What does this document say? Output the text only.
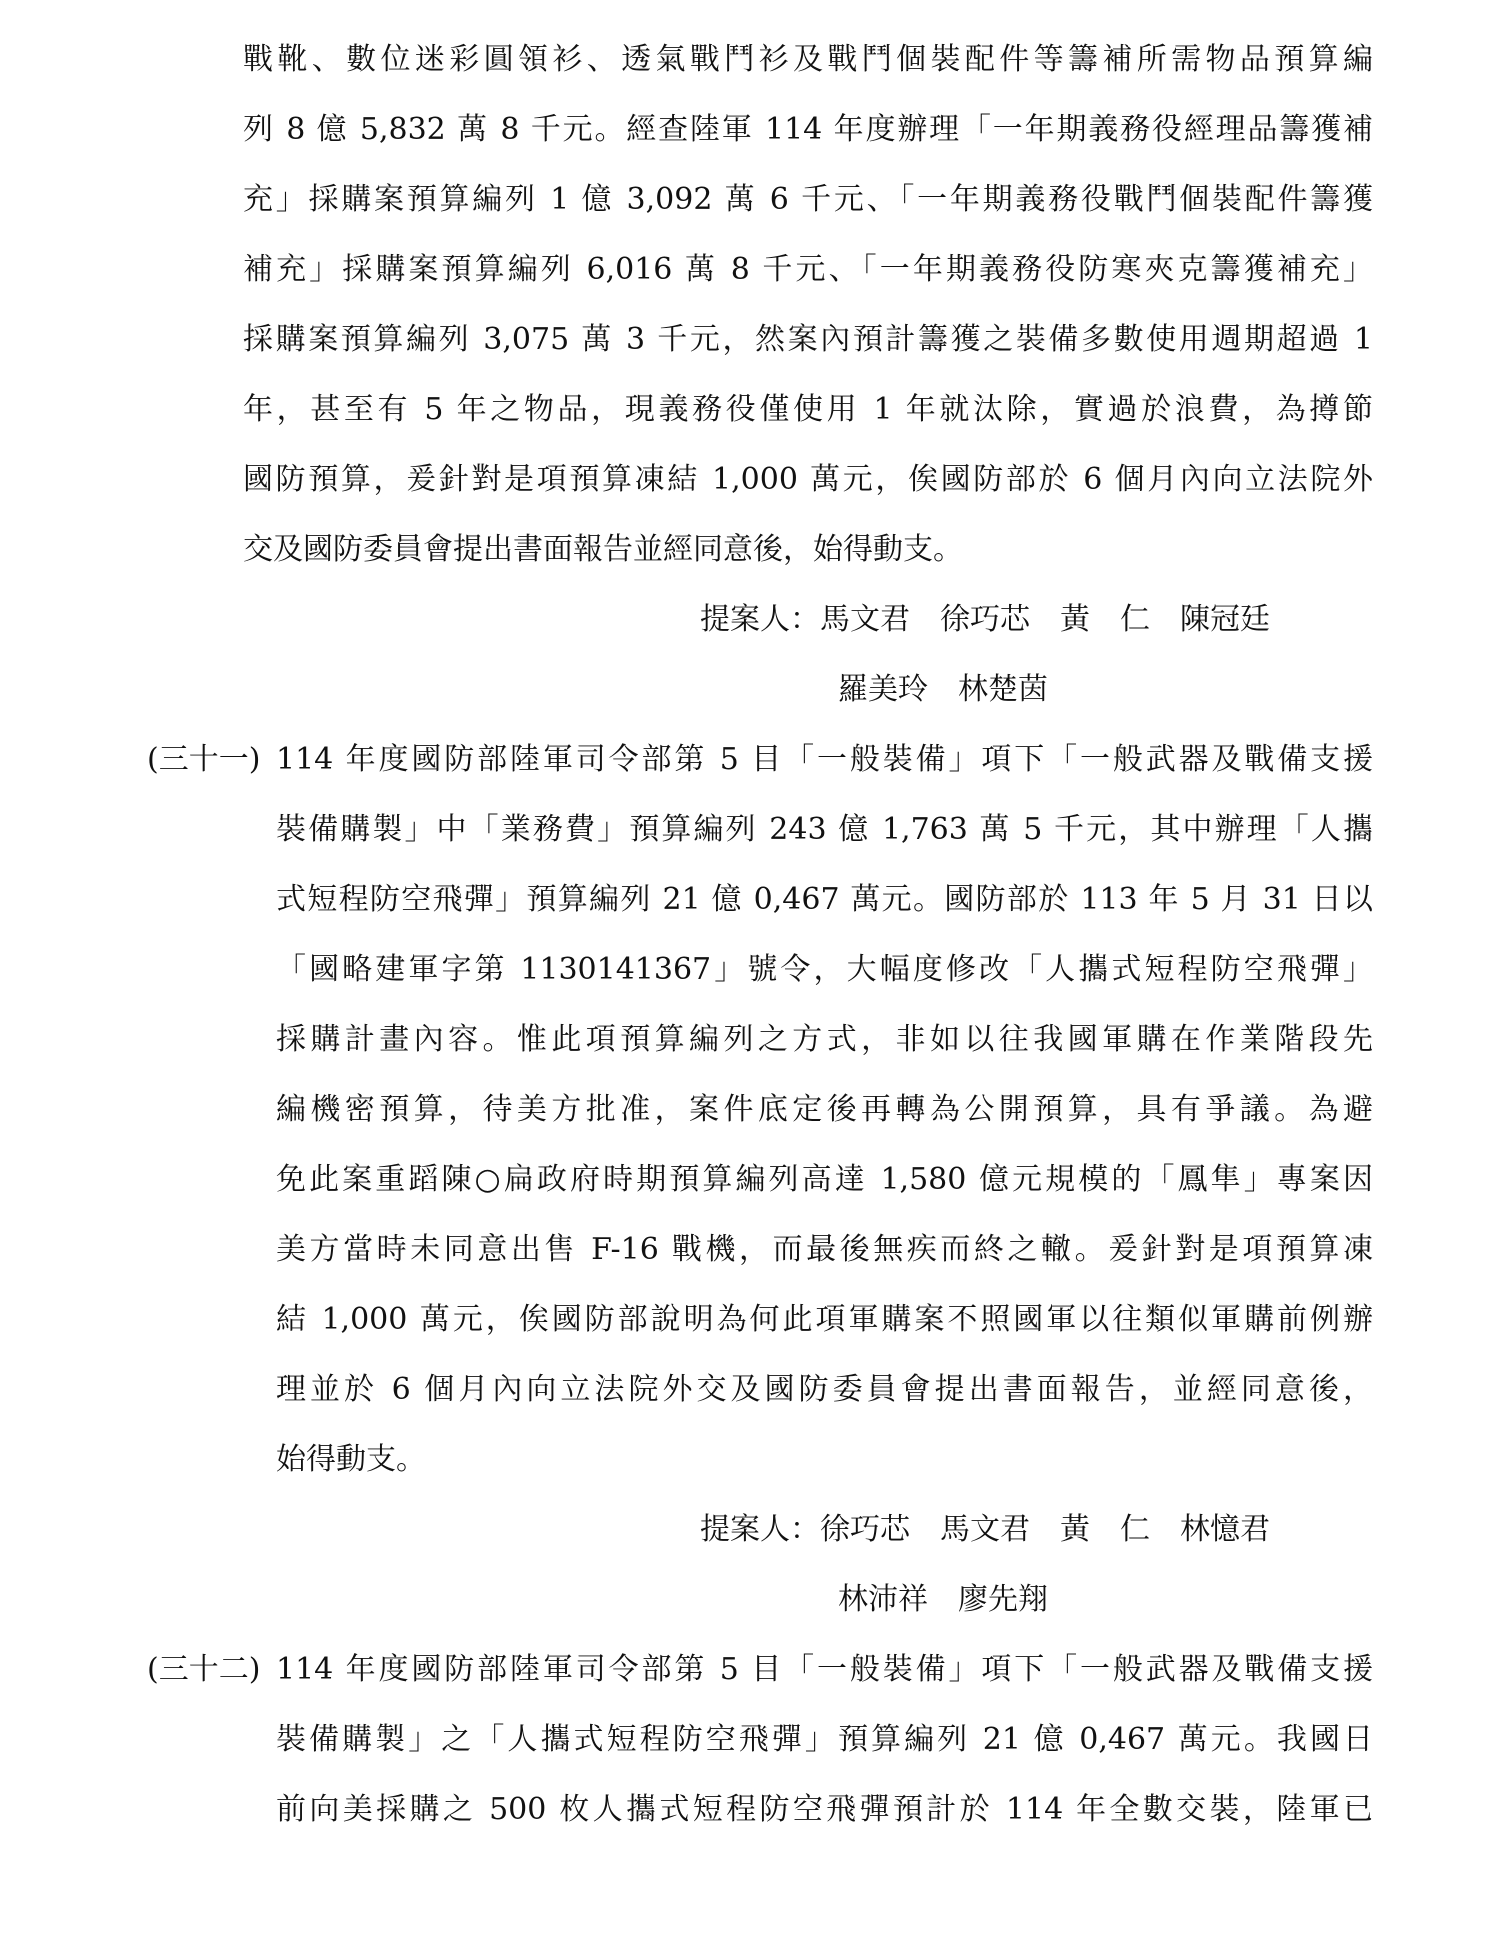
戰靴、數位迷彩圓領衫、透氣戰鬥衫及戰鬥個裝配件等籌補所需物品預算編
列 8 億 5,832 萬 8 千元。經查陸軍 114 年度辦理「一年期義務役經理品籌獲補
充」採購案預算編列 1 億 3,092 萬 6 千元、「一年期義務役戰鬥個裝配件籌獲
補充」採購案預算編列 6,016 萬 8 千元、「一年期義務役防寒夾克籌獲補充」
採購案預算編列 3,075 萬 3 千元，然案內預計籌獲之裝備多數使用週期超過 1
年，甚至有 5 年之物品，現義務役僅使用 1 年就汰除，實過於浪費，為撙節
國防預算，爰針對是項預算凍結 1,000 萬元，俟國防部於 6 個月內向立法院外
交及國防委員會提出書面報告並經同意後，始得動支。
提案人：馬文君　徐巧芯　黃　仁　陳冠廷
羅美玲　林楚茵
(三十一) 114 年度國防部陸軍司令部第 5 目「一般裝備」項下「一般武器及戰備支援
裝備購製」中「業務費」預算編列 243 億 1,763 萬 5 千元，其中辦理「人攜
式短程防空飛彈」預算編列 21 億 0,467 萬元。國防部於 113 年 5 月 31 日以
「國略建軍字第 1130141367」號令，大幅度修改「人攜式短程防空飛彈」
採購計畫內容。惟此項預算編列之方式，非如以往我國軍購在作業階段先
編機密預算，待美方批准，案件底定後再轉為公開預算，具有爭議。為避
免此案重蹈陳○扁政府時期預算編列高達 1,580 億元規模的「鳳隼」專案因
美方當時未同意出售 F-16 戰機，而最後無疾而終之轍。爰針對是項預算凍
結 1,000 萬元，俟國防部說明為何此項軍購案不照國軍以往類似軍購前例辦
理並於 6 個月內向立法院外交及國防委員會提出書面報告，並經同意後，
始得動支。
提案人：徐巧芯　馬文君　黃　仁　林憶君
林沛祥　廖先翔
(三十二) 114 年度國防部陸軍司令部第 5 目「一般裝備」項下「一般武器及戰備支援
裝備購製」之「人攜式短程防空飛彈」預算編列 21 億 0,467 萬元。我國日
前向美採購之 500 枚人攜式短程防空飛彈預計於 114 年全數交裝，陸軍已
